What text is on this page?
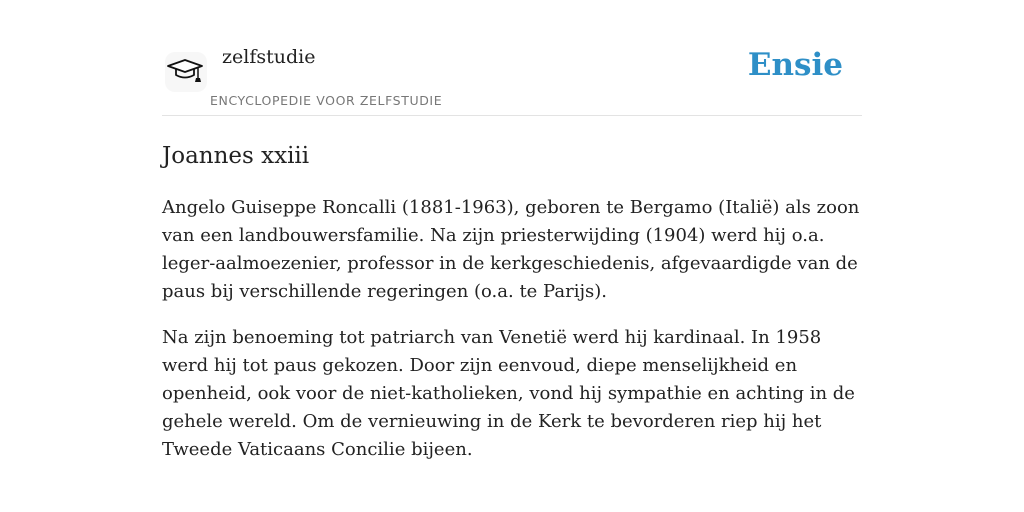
zelfstudie
ENCYCLOPEDIE VOOR ZELFSTUDIE
Ensie
Joannes xxiii

Angelo Guiseppe Roncalli (1881-1963), geboren te Bergamo (Italië) als zoon van een landbouwersfamilie. Na zijn priesterwijding (1904) werd hij o.a. leger-aalmoezenier, professor in de kerkgeschiedenis, afgevaardigde van de paus bij verschillende regeringen (o.a. te Parijs).

Na zijn benoeming tot patriarch van Venetië werd hij kardinaal. In 1958 werd hij tot paus gekozen. Door zijn eenvoud, diepe menselijkheid en openheid, ook voor de niet-katholieken, vond hij sympathie en achting in de gehele wereld. Om de vernieuwing in de Kerk te bevorderen riep hij het Tweede Vaticaans Concilie bijeen.
